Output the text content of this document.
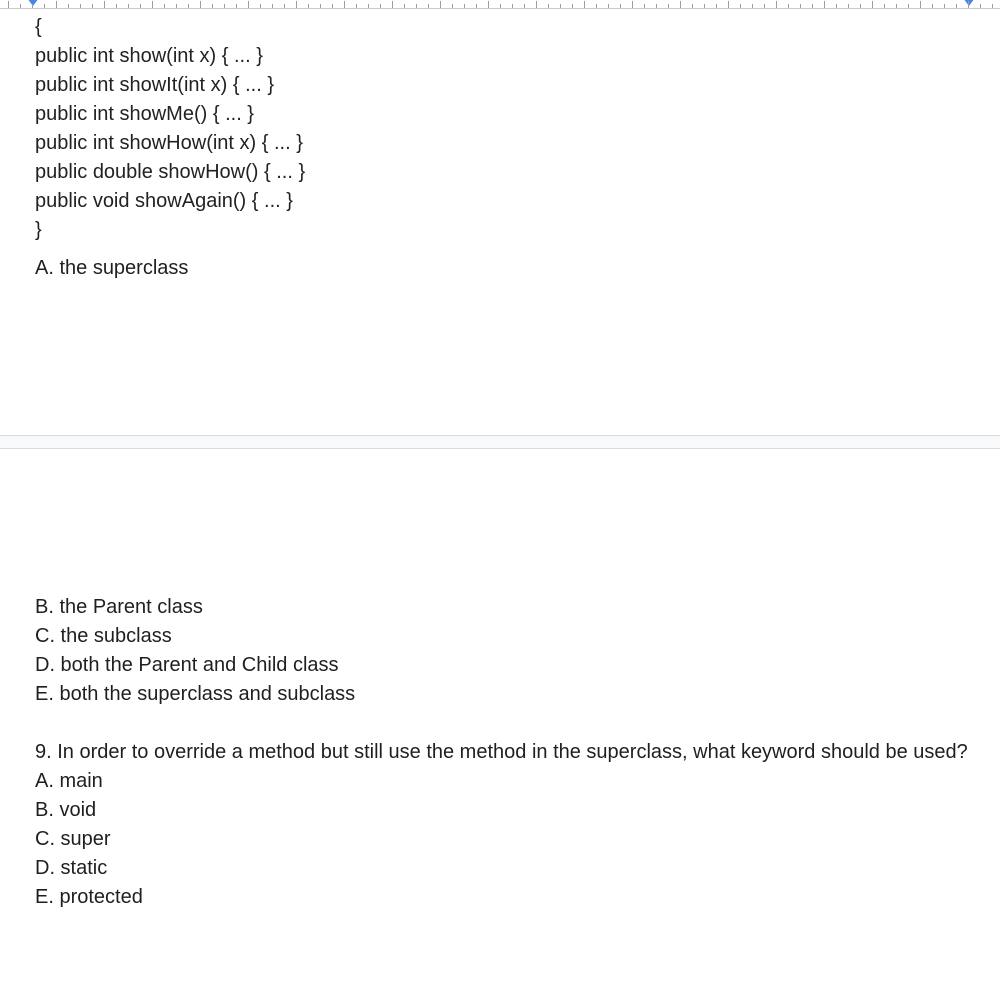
{
public int show(int x) { ... }
public int showIt(int x) { ... }
public int showMe() { ... }
public int showHow(int x) { ... }
public double showHow() { ... }
public void showAgain() { ... }
}
A. the superclass
B. the Parent class
C. the subclass
D. both the Parent and Child class
E. both the superclass and subclass
9. In order to override a method but still use the method in the superclass, what keyword should be used?
A. main
B. void
C. super
D. static
E. protected
